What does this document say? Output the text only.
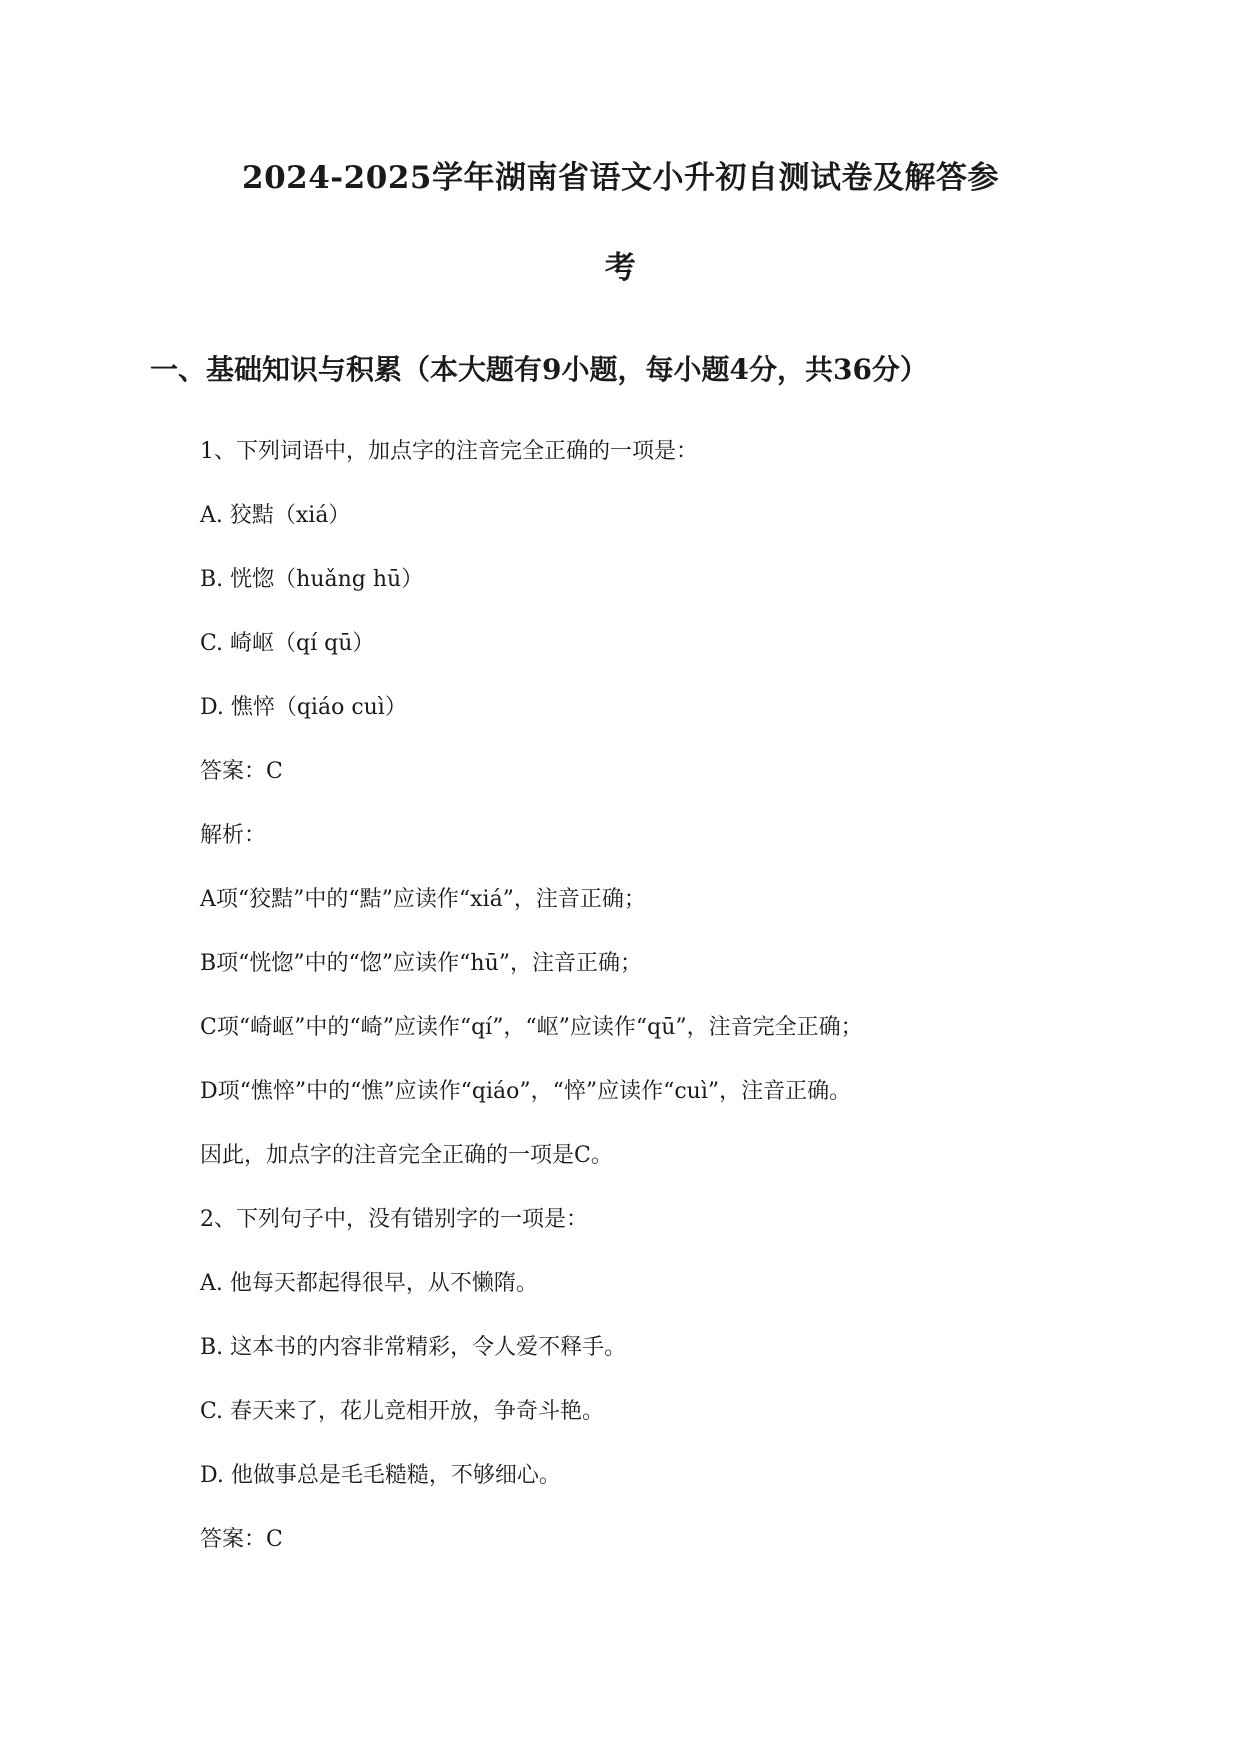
2024-2025学年湖南省语文小升初自测试卷及解答参
考
一、基础知识与积累（本大题有9小题，每小题4分，共36分）

1、下列词语中，加点字的注音完全正确的一项是：

A. 狡黠（xiá）

B. 恍惚（huǎng hū）

C. 崎岖（qí qū）

D. 憔悴（qiáo cuì）

答案：C

解析：

A项“狡黠”中的“黠”应读作“xiá”，注音正确；

B项“恍惚”中的“惚”应读作“hū”，注音正确；

C项“崎岖”中的“崎”应读作“qí”，“岖”应读作“qū”，注音完全正确；

D项“憔悴”中的“憔”应读作“qiáo”，“悴”应读作“cuì”，注音正确。

因此，加点字的注音完全正确的一项是C。

2、下列句子中，没有错别字的一项是：

A. 他每天都起得很早，从不懒隋。

B. 这本书的内容非常精彩，令人爱不释手。

C. 春天来了，花儿竞相开放，争奇斗艳。

D. 他做事总是毛毛糙糙，不够细心。

答案：C
